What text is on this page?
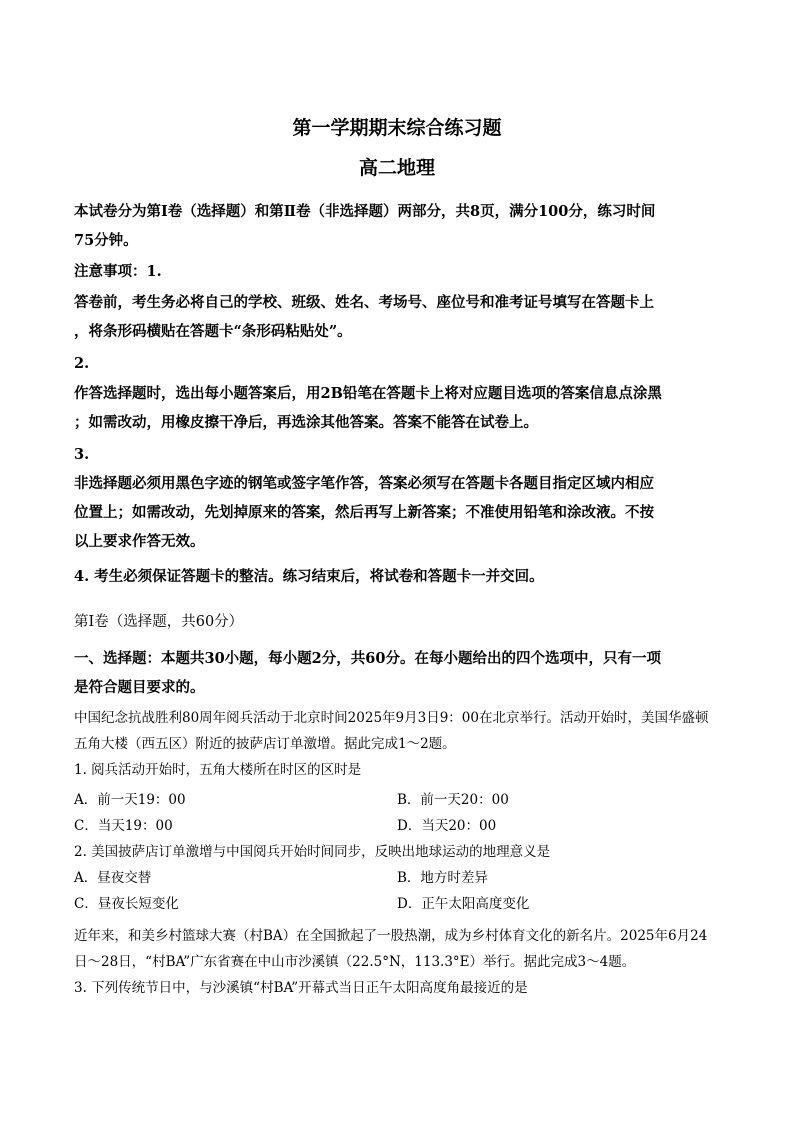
第一学期期末综合练习题
高二地理
本试卷分为第Ⅰ卷（选择题）和第Ⅱ卷（非选择题）两部分，共8页，满分100分，练习时间
75分钟。
注意事项：1.
答卷前，考生务必将自己的学校、班级、姓名、考场号、座位号和准考证号填写在答题卡上
，将条形码横贴在答题卡“条形码粘贴处”。
2.
作答选择题时，选出每小题答案后，用2B铅笔在答题卡上将对应题目选项的答案信息点涂黑
；如需改动，用橡皮擦干净后，再选涂其他答案。答案不能答在试卷上。
3.
非选择题必须用黑色字迹的钢笔或签字笔作答，答案必须写在答题卡各题目指定区域内相应
位置上；如需改动，先划掉原来的答案，然后再写上新答案；不准使用铅笔和涂改液。不按
以上要求作答无效。
4. 考生必须保证答题卡的整洁。练习结束后，将试卷和答题卡一并交回。
第Ⅰ卷（选择题，共60分）
一、选择题：本题共30小题，每小题2分，共60分。在每小题给出的四个选项中，只有一项
是符合题目要求的。
中国纪念抗战胜利80周年阅兵活动于北京时间2025年9月3日9：00在北京举行。活动开始时，美国华盛顿
五角大楼（西五区）附近的披萨店订单激增。据此完成1～2题。
1. 阅兵活动开始时，五角大楼所在时区的区时是
A．前一天19：00	B．前一天20：00
C．当天19：00	D．当天20：00
2. 美国披萨店订单激增与中国阅兵开始时间同步，反映出地球运动的地理意义是
A．昼夜交替	B．地方时差异
C．昼夜长短变化	D．正午太阳高度变化
近年来，和美乡村篮球大赛（村BA）在全国掀起了一股热潮，成为乡村体育文化的新名片。2025年6月24
日～28日，“村BA”广东省赛在中山市沙溪镇（22.5°N，113.3°E）举行。据此完成3～4题。
3. 下列传统节日中，与沙溪镇“村BA”开幕式当日正午太阳高度角最接近的是
